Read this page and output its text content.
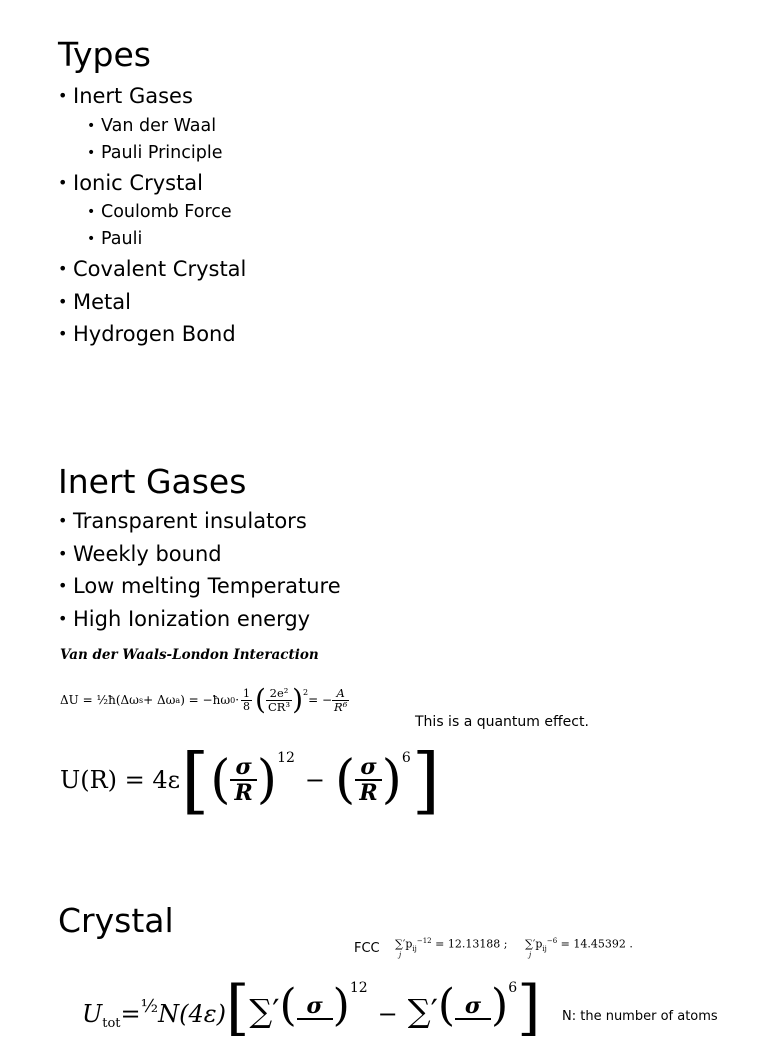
Types
• Inert Gases
• Van der Waal
• Pauli Principle
• Ionic Crystal
• Coulomb Force
• Pauli
• Covalent Crystal
• Metal
• Hydrogen Bond
Inert Gases
• Transparent insulators
• Weekly bound
• Low melting Temperature
• High Ionization energy
Van der Waals-London Interaction
ΔU = ½ħ(Δω s + Δω a ) = −ħω $0 \cdot \frac{1}{8}$ ( $\frac{\text{2e²}}{\text{CR³}} )^2$
= − $\frac{A}{\text{R⁶}}$
This is a quantum effect.
U(R) = 4ε [ ( $\frac{\sigma}{R} )^{12}$
− ( $\frac{\sigma}{R} )^6$ ]
Crystal
FCC $\sum'p_{ij}^{-12}$
j
= 12.13188 ; $\sum'p_{ij}^{-6}$
j
= 14.45392 .
$U_{tot}$ = ½ N(4ε) [ ∑′ ( σ )$^{12}$
− ∑′ ( σ )$^6$ ] N: the number of atoms
